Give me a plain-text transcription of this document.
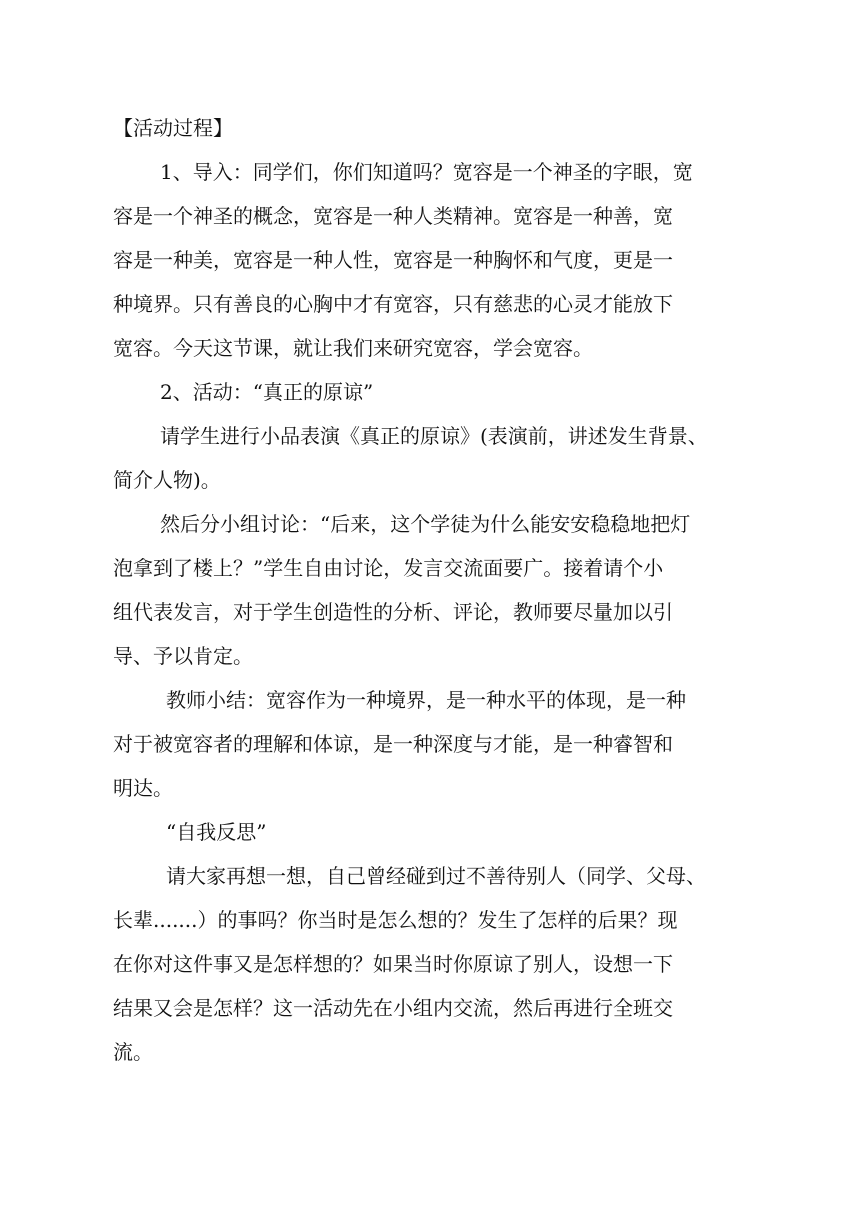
【活动过程】
1、导入：同学们，你们知道吗？宽容是一个神圣的字眼，宽
容是一个神圣的概念，宽容是一种人类精神。宽容是一种善，宽
容是一种美，宽容是一种人性，宽容是一种胸怀和气度，更是一
种境界。只有善良的心胸中才有宽容，只有慈悲的心灵才能放下
宽容。今天这节课，就让我们来研究宽容，学会宽容。
2、活动：“真正的原谅”
请学生进行小品表演《真正的原谅》(表演前，讲述发生背景、
简介人物)。
然后分小组讨论：“后来，这个学徒为什么能安安稳稳地把灯
泡拿到了楼上？”学生自由讨论，发言交流面要广。接着请个小
组代表发言，对于学生创造性的分析、评论，教师要尽量加以引
导、予以肯定。
教师小结：宽容作为一种境界，是一种水平的体现，是一种
对于被宽容者的理解和体谅，是一种深度与才能，是一种睿智和
明达。
“自我反思”
请大家再想一想，自己曾经碰到过不善待别人（同学、父母、
长辈.......）的事吗？你当时是怎么想的？发生了怎样的后果？现
在你对这件事又是怎样想的？如果当时你原谅了别人，设想一下
结果又会是怎样？这一活动先在小组内交流，然后再进行全班交
流。
